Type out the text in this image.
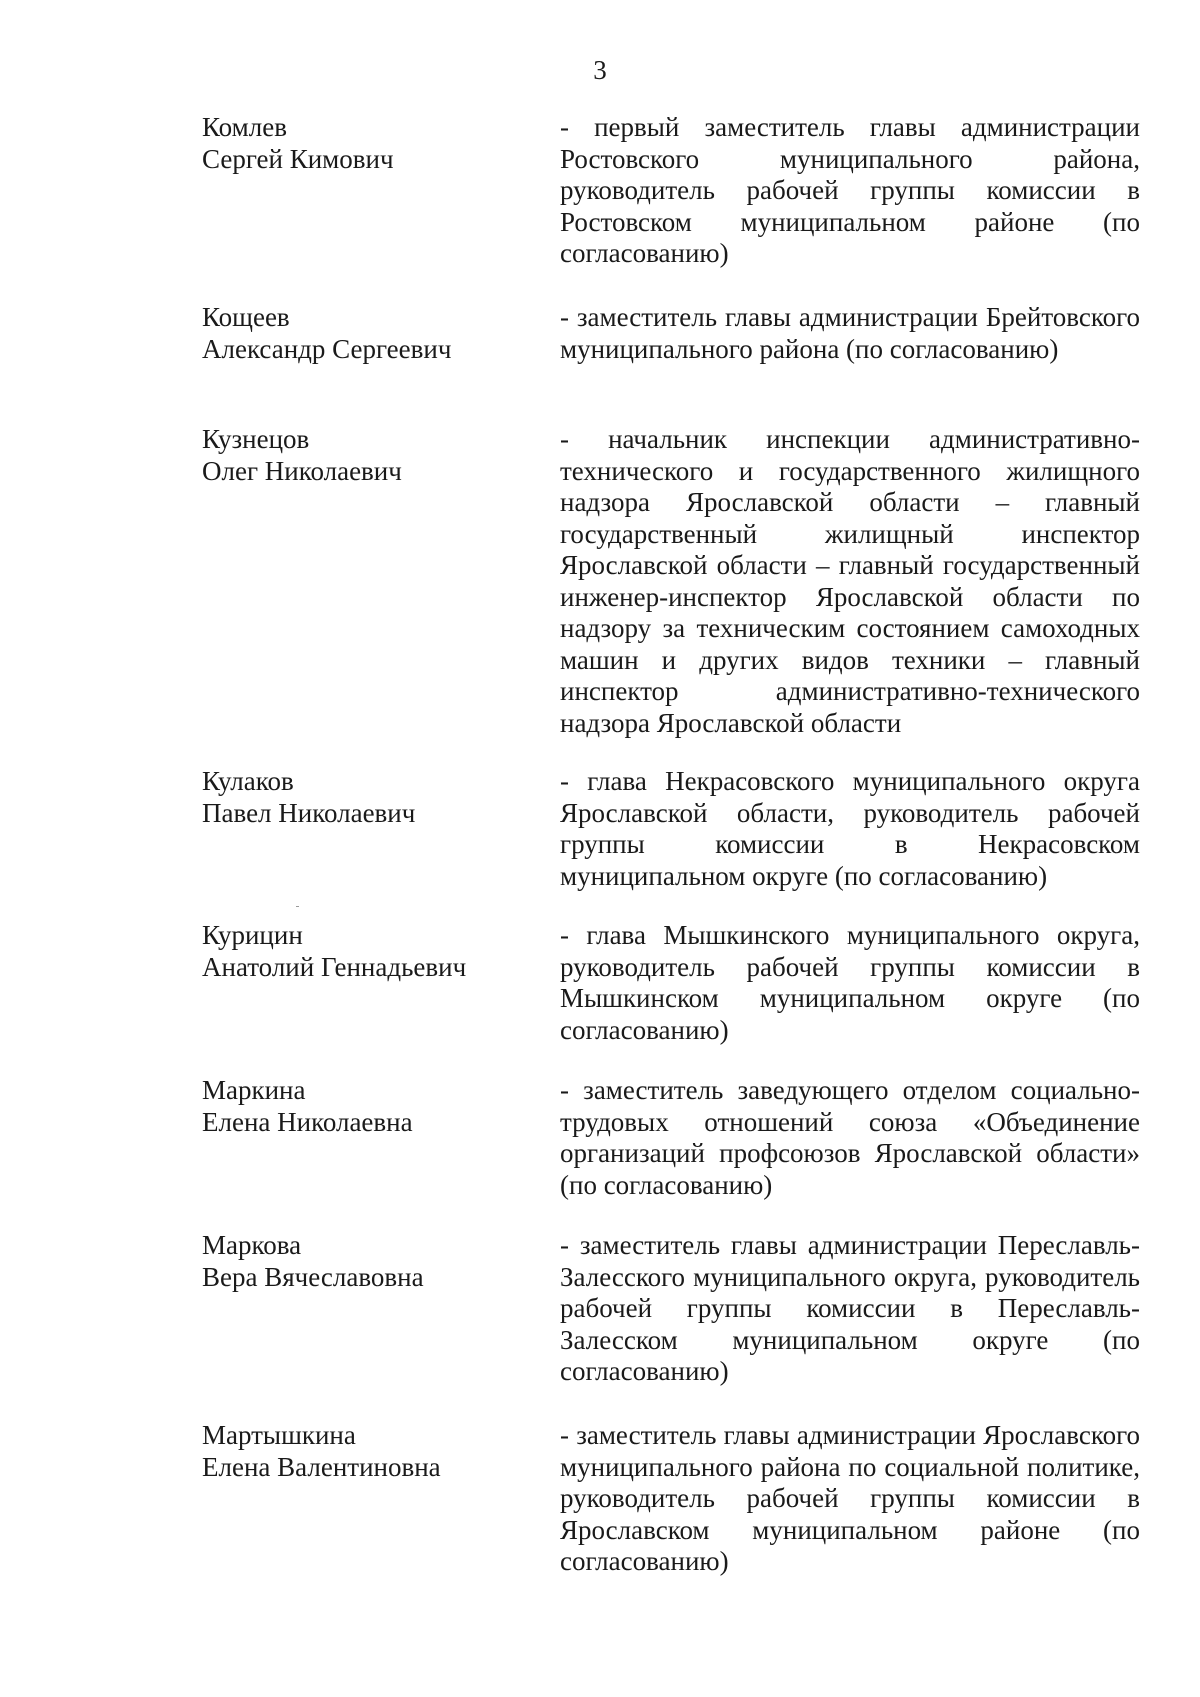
3
Комлев
Сергей Кимович
- первый заместитель главы администрации Ростовского муниципального района, руководитель рабочей группы комиссии в Ростовском муниципальном районе (по согласованию)
Кощеев
Александр Сергеевич
- заместитель главы администрации Брейтовского муниципального района (по согласованию)
Кузнецов
Олег Николаевич
- начальник инспекции административно-технического и государственного жилищного надзора Ярославской области – главный государственный жилищный инспектор Ярославской области – главный государственный инженер-инспектор Ярославской области по надзору за техническим состоянием самоходных машин и других видов техники – главный инспектор административно-технического надзора Ярославской области
Кулаков
Павел Николаевич
- глава Некрасовского муниципального округа Ярославской области, руководитель рабочей группы комиссии в Некрасовском муниципальном округе (по согласованию)
Курицин
Анатолий Геннадьевич
- глава Мышкинского муниципального округа, руководитель рабочей группы комиссии в Мышкинском муниципальном округе (по согласованию)
Маркина
Елена Николаевна
- заместитель заведующего отделом социально-трудовых отношений союза «Объединение организаций профсоюзов Ярославской области» (по согласованию)
Маркова
Вера Вячеславовна
- заместитель главы администрации Переславль-Залесского муниципального округа, руководитель рабочей группы комиссии в Переславль-Залесском муниципальном округе (по согласованию)
Мартышкина
Елена Валентиновна
- заместитель главы администрации Ярославского муниципального района по социальной политике, руководитель рабочей группы комиссии в Ярославском муниципальном районе (по согласованию)
